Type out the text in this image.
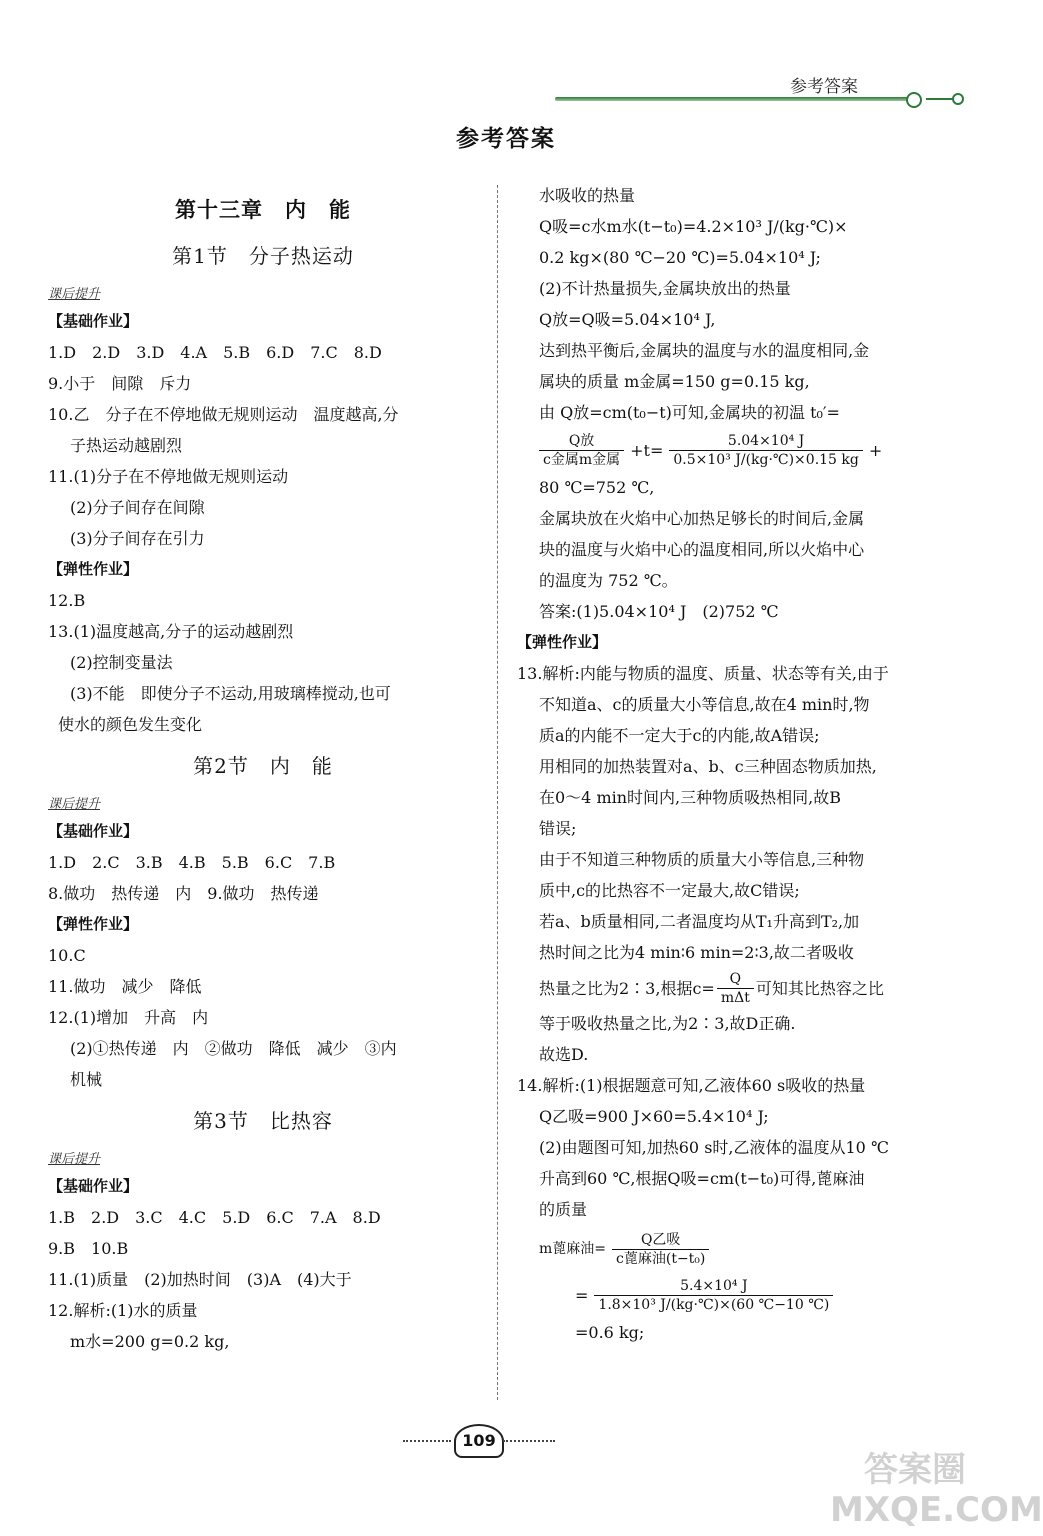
参考答案
参考答案
第十三章　内　能
第1节　分子热运动
课后提升
【基础作业】
1.D　2.D　3.D　4.A　5.B　6.D　7.C　8.D
9.小于　间隙　斥力
10.乙　分子在不停地做无规则运动　温度越高,分
子热运动越剧烈
11.(1)分子在不停地做无规则运动
(2)分子间存在间隙
(3)分子间存在引力
【弹性作业】
12.B
13.(1)温度越高,分子的运动越剧烈
(2)控制变量法
(3)不能　即使分子不运动,用玻璃棒搅动,也可
使水的颜色发生变化
第2节　内　能
课后提升
【基础作业】
1.D　2.C　3.B　4.B　5.B　6.C　7.B
8.做功　热传递　内　9.做功　热传递
【弹性作业】
10.C
11.做功　减少　降低
12.(1)增加　升高　内
(2)①热传递　内　②做功　降低　减少　③内
机械
第3节　比热容
课后提升
【基础作业】
1.B　2.D　3.C　4.C　5.D　6.C　7.A　8.D
9.B　10.B
11.(1)质量　(2)加热时间　(3)A　(4)大于
12.解析:(1)水的质量
m水=200 g=0.2 kg,
水吸收的热量
Q吸=c水m水(t−t₀)=4.2×10³ J/(kg·℃)×
0.2 kg×(80 ℃−20 ℃)=5.04×10⁴ J;
(2)不计热量损失,金属块放出的热量
Q放=Q吸=5.04×10⁴ J,
达到热平衡后,金属块的温度与水的温度相同,金
属块的质量 m金属=150 g=0.15 kg,
由 Q放=cm(t₀−t)可知,金属块的初温 t₀′=
$\frac{\text{Q放}}{\text{c金属m金属}} +t= \frac{\text{5.04×10⁴ J}}{\text{0.5×10³ J/(kg·℃)×0.15 kg}}$ +
80 ℃=752 ℃,
金属块放在火焰中心加热足够长的时间后,金属
块的温度与火焰中心的温度相同,所以火焰中心
的温度为 752 ℃。
答案:(1)5.04×10⁴ J　(2)752 ℃
【弹性作业】
13.解析:内能与物质的温度、质量、状态等有关,由于
不知道a、c的质量大小等信息,故在4 min时,物
质a的内能不一定大于c的内能,故A错误;
用相同的加热装置对a、b、c三种固态物质加热,
在0～4 min时间内,三种物质吸热相同,故B
错误;
由于不知道三种物质的质量大小等信息,三种物
质中,c的比热容不一定最大,故C错误;
若a、b质量相同,二者温度均从T₁升高到T₂,加
热时间之比为4 min∶6 min=2∶3,故二者吸收
热量之比为2∶3,根据$c= \frac{Q}{\text{mΔt}}$ 可知其比热容之比
等于吸收热量之比,为2∶3,故D正确.
故选D.
14.解析:(1)根据题意可知,乙液体60 s吸收的热量
Q乙吸=900 J×60=5.4×10⁴ J;
(2)由题图可知,加热60 s时,乙液体的温度从10 ℃
升高到60 ℃,根据Q吸=cm(t−t₀)可得,蓖麻油
的质量
m蓖麻油= $\frac{\text{Q乙吸}}{\text{c蓖麻油(t−t₀)}}$
= $\frac{\text{5.4×10⁴ J}}{\text{1.8×10³ J/(kg·℃)×(60 ℃−10 ℃)}}$
=0.6 kg;
109
答案圈 MXQE.COM
